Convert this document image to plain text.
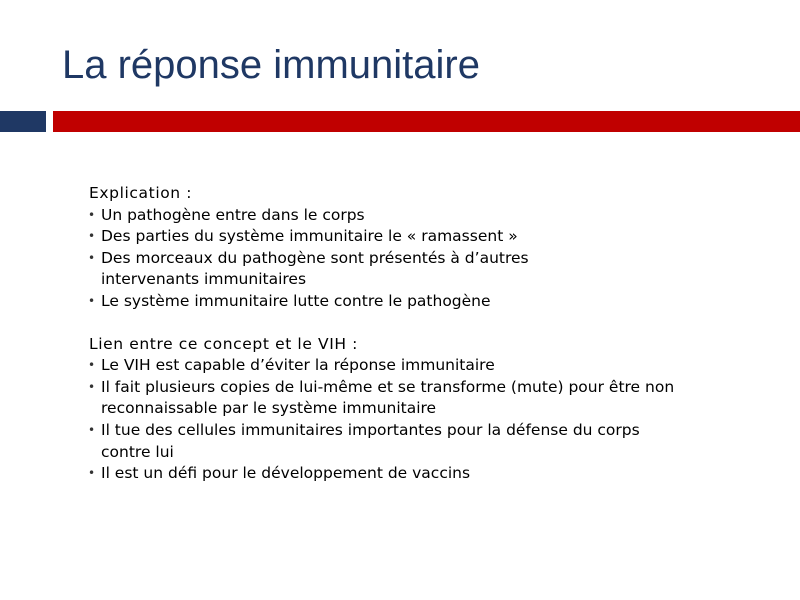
La réponse immunitaire
Explication :
• Un pathogène entre dans le corps
• Des parties du système immunitaire le « ramassent »
• Des morceaux du pathogène sont présentés à d’autres intervenants immunitaires
• Le système immunitaire lutte contre le pathogène
Lien entre ce concept et le VIH :
• Le VIH est capable d’éviter la réponse immunitaire
• Il fait plusieurs copies de lui-même et se transforme (mute) pour être non reconnaissable par le système immunitaire
• Il tue des cellules immunitaires importantes pour la défense du corps contre lui
• Il est un défi pour le développement de vaccins
